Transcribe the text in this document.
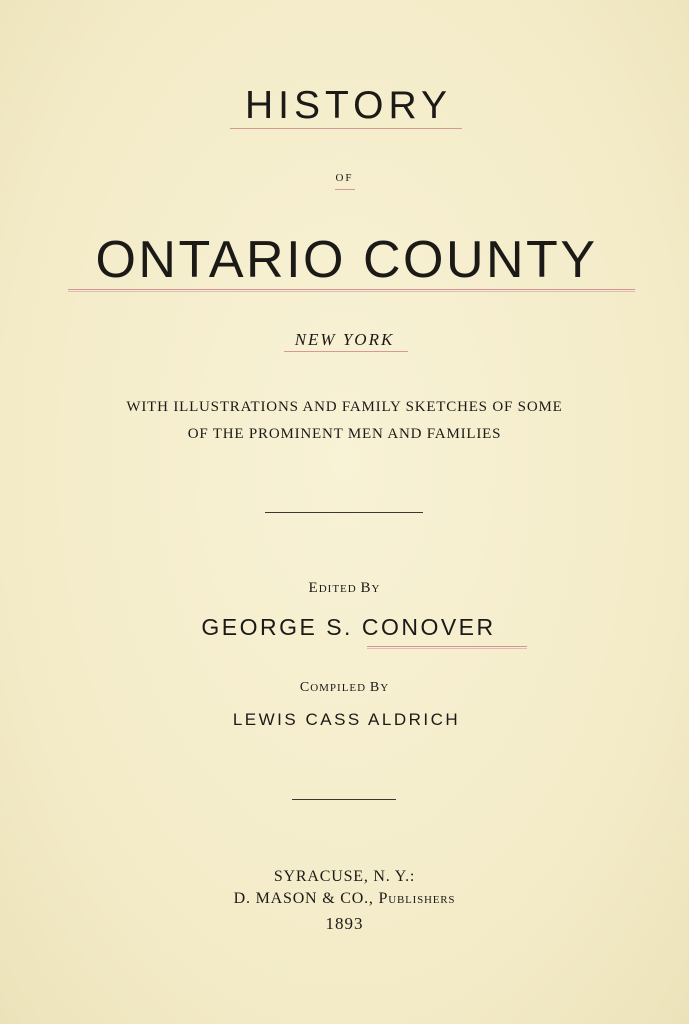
HISTORY
OF
ONTARIO COUNTY
NEW YORK
WITH ILLUSTRATIONS AND FAMILY SKETCHES OF SOME
OF THE PROMINENT MEN AND FAMILIES
EDITED BY
GEORGE S. CONOVER
COMPILED BY
LEWIS CASS ALDRICH
SYRACUSE, N. Y.:
D. MASON & CO., PUBLISHERS
1893
